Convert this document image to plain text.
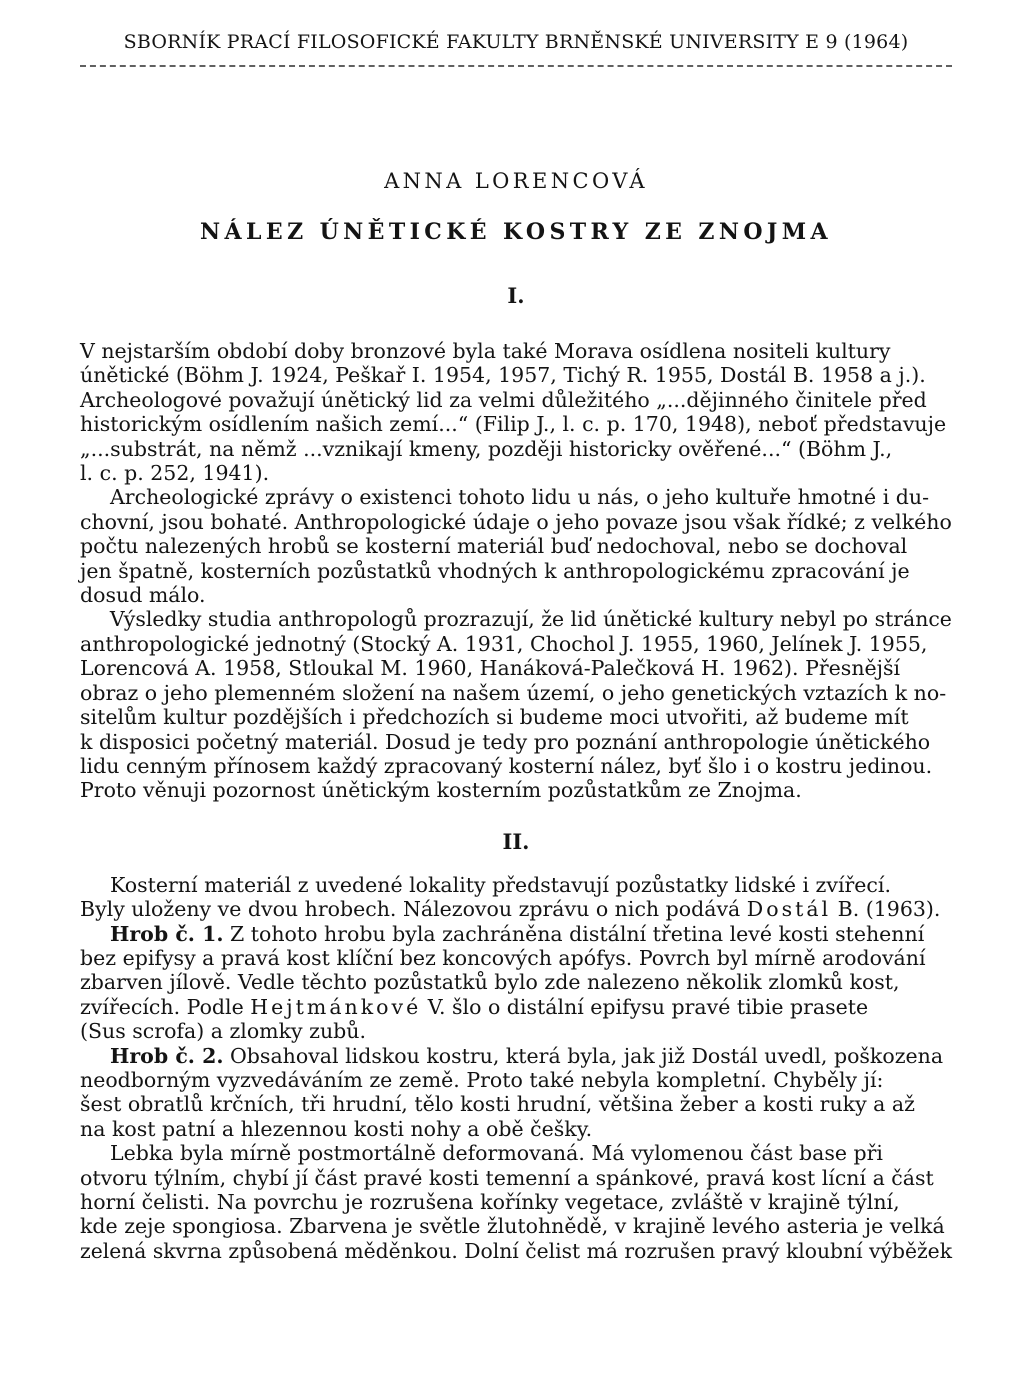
SBORNÍK PRACÍ FILOSOFICKÉ FAKULTY BRNĚNSKÉ UNIVERSITY E 9 (1964)
ANNA LORENCOVÁ
NÁLEZ ÚNĚTICKÉ KOSTRY ZE ZNOJMA
I.

V nejstarším období doby bronzové byla také Morava osídlena nositeli kultury
únětické (Böhm J. 1924, Peškař I. 1954, 1957, Tichý R. 1955, Dostál B. 1958 a j.).
Archeologové považují únětický lid za velmi důležitého „...dějinného činitele před
historickým osídlením našich zemí...“ (Filip J., l. c. p. 170, 1948), neboť představuje
„...substrát, na němž ...vznikají kmeny, později historicky ověřené...“ (Böhm J.,
l. c. p. 252, 1941).

Archeologické zprávy o existenci tohoto lidu u nás, o jeho kultuře hmotné i du-
chovní, jsou bohaté. Anthropologické údaje o jeho povaze jsou však řídké; z velkého
počtu nalezených hrobů se kosterní materiál buď nedochoval, nebo se dochoval
jen špatně, kosterních pozůstatků vhodných k anthropologickému zpracování je
dosud málo.

Výsledky studia anthropologů prozrazují, že lid únětické kultury nebyl po stránce
anthropologické jednotný (Stocký A. 1931, Chochol J. 1955, 1960, Jelínek J. 1955,
Lorencová A. 1958, Stloukal M. 1960, Hanáková-Palečková H. 1962). Přesnější
obraz o jeho plemenném složení na našem území, o jeho genetických vztazích k no-
sitelům kultur pozdějších i předchozích si budeme moci utvořiti, až budeme mít
k disposici početný materiál. Dosud je tedy pro poznání anthropologie únětického
lidu cenným přínosem každý zpracovaný kosterní nález, byť šlo i o kostru jedinou.
Proto věnuji pozornost únětickým kosterním pozůstatkům ze Znojma.

II.

Kosterní materiál z uvedené lokality představují pozůstatky lidské i zvířecí.
Byly uloženy ve dvou hrobech. Nálezovou zprávu o nich podává Dostál B. (1963).

Hrob č. 1. Z tohoto hrobu byla zachráněna distální třetina levé kosti stehenní
bez epifysy a pravá kost klíční bez koncových apófys. Povrch byl mírně arodování
zbarven jílově. Vedle těchto pozůstatků bylo zde nalezeno několik zlomků kost,
zvířecích. Podle Hejtmánkové V. šlo o distální epifysu pravé tibie prasete
(Sus scrofa) a zlomky zubů.

Hrob č. 2. Obsahoval lidskou kostru, která byla, jak již Dostál uvedl, poškozena
neodborným vyzvedáváním ze země. Proto také nebyla kompletní. Chyběly jí:
šest obratlů krčních, tři hrudní, tělo kosti hrudní, většina žeber a kosti ruky a až
na kost patní a hlezennou kosti nohy a obě češky.

Lebka byla mírně postmortálně deformovaná. Má vylomenou část base při
otvoru týlním, chybí jí část pravé kosti temenní a spánkové, pravá kost lícní a část
horní čelisti. Na povrchu je rozrušena kořínky vegetace, zvláště v krajině týlní,
kde zeje spongiosa. Zbarvena je světle žlutohnědě, v krajině levého asteria je velká
zelená skvrna způsobená měděnkou. Dolní čelist má rozrušen pravý kloubní výběžek
